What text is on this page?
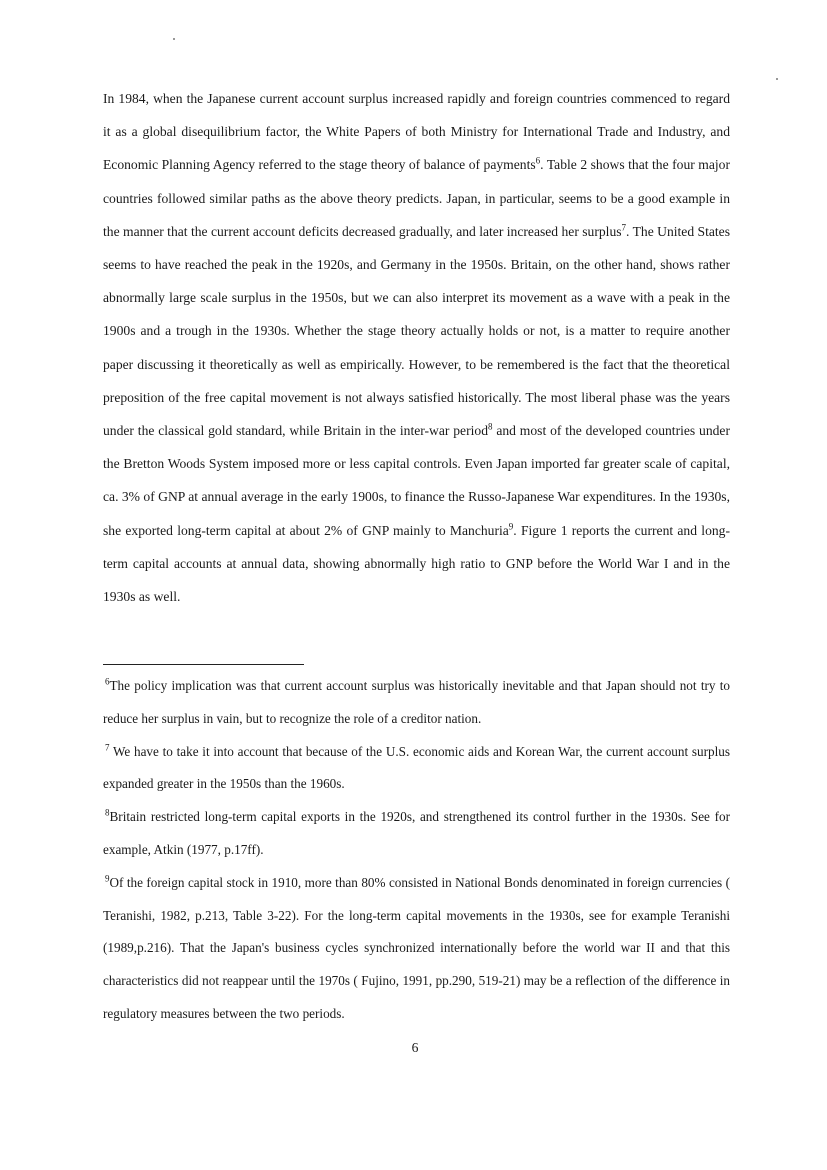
In 1984, when the Japanese current account surplus increased rapidly and foreign countries commenced to regard it as a global disequilibrium factor, the White Papers of both Ministry for International Trade and Industry, and Economic Planning Agency referred to the stage theory of balance of payments$^6$. Table 2 shows that the four major countries followed similar paths as the above theory predicts. Japan, in particular, seems to be a good example in the manner that the current account deficits decreased gradually, and later increased her surplus$^7$. The United States seems to have reached the peak in the 1920s, and Germany in the 1950s. Britain, on the other hand, shows rather abnormally large scale surplus in the 1950s, but we can also interpret its movement as a wave with a peak in the 1900s and a trough in the 1930s. Whether the stage theory actually holds or not, is a matter to require another paper discussing it theoretically as well as empirically. However, to be remembered is the fact that the theoretical preposition of the free capital movement is not always satisfied historically. The most liberal phase was the years under the classical gold standard, while Britain in the inter-war period$^8$ and most of the developed countries under the Bretton Woods System imposed more or less capital controls. Even Japan imported far greater scale of capital, ca. 3% of GNP at annual average in the early 1900s, to finance the Russo-Japanese War expenditures. In the 1930s, she exported long-term capital at about 2% of GNP mainly to Manchuria$^9$. Figure 1 reports the current and long-term capital accounts at annual data, showing abnormally high ratio to GNP before the World War I and in the 1930s as well.

$^6$The policy implication was that current account surplus was historically inevitable and that Japan should not try to reduce her surplus in vain, but to recognize the role of a creditor nation.

$^7$ We have to take it into account that because of the U.S. economic aids and Korean War, the current account surplus expanded greater in the 1950s than the 1960s.

$^8$Britain restricted long-term capital exports in the 1920s, and strengthened its control further in the 1930s. See for example, Atkin (1977, p.17ff).

$^9$Of the foreign capital stock in 1910, more than 80% consisted in National Bonds denominated in foreign currencies ( Teranishi, 1982, p.213, Table 3-22). For the long-term capital movements in the 1930s, see for example Teranishi (1989,p.216). That the Japan's business cycles synchronized internationally before the world war II and that this characteristics did not reappear until the 1970s ( Fujino, 1991, pp.290, 519-21) may be a reflection of the difference in regulatory measures between the two periods.

6
